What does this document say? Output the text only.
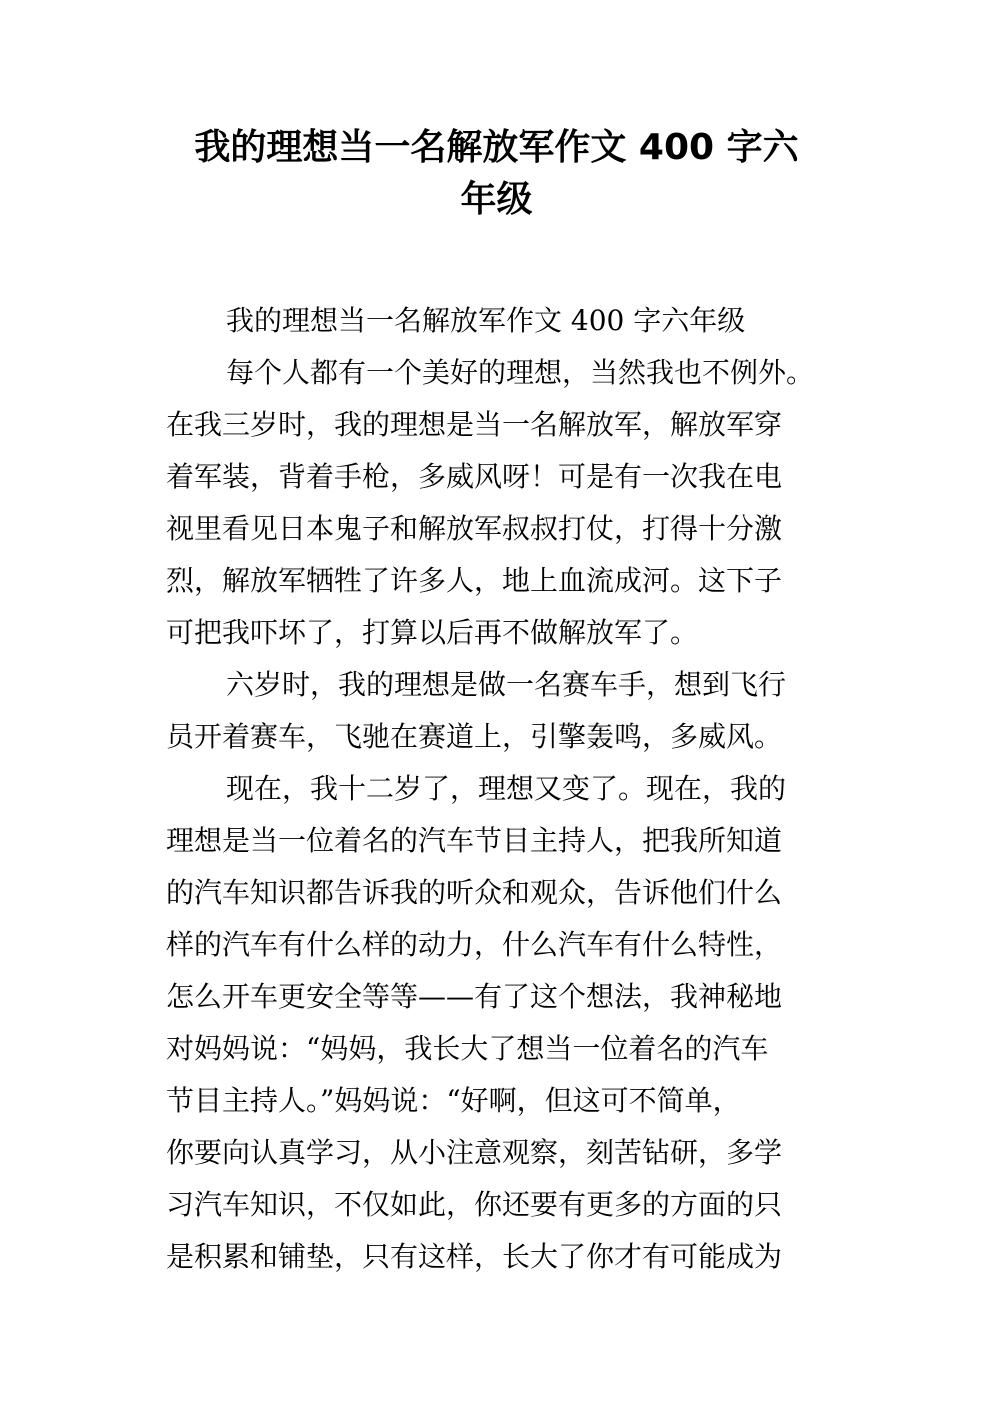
我的理想当一名解放军作文 400 字六
年级
我的理想当一名解放军作文 400 字六年级
每个人都有一个美好的理想，当然我也不例外。
在我三岁时，我的理想是当一名解放军，解放军穿
着军装，背着手枪，多威风呀！可是有一次我在电
视里看见日本鬼子和解放军叔叔打仗，打得十分激
烈，解放军牺牲了许多人，地上血流成河。这下子
可把我吓坏了，打算以后再不做解放军了。
六岁时，我的理想是做一名赛车手，想到飞行
员开着赛车，飞驰在赛道上，引擎轰鸣，多威风。
现在，我十二岁了，理想又变了。现在，我的
理想是当一位着名的汽车节目主持人，把我所知道
的汽车知识都告诉我的听众和观众，告诉他们什么
样的汽车有什么样的动力，什么汽车有什么特性，
怎么开车更安全等等——有了这个想法，我神秘地
对妈妈说：“妈妈，我长大了想当一位着名的汽车
节目主持人。”妈妈说：“好啊，但这可不简单，
你要向认真学习，从小注意观察，刻苦钻研，多学
习汽车知识，不仅如此，你还要有更多的方面的只
是积累和铺垫，只有这样，长大了你才有可能成为
